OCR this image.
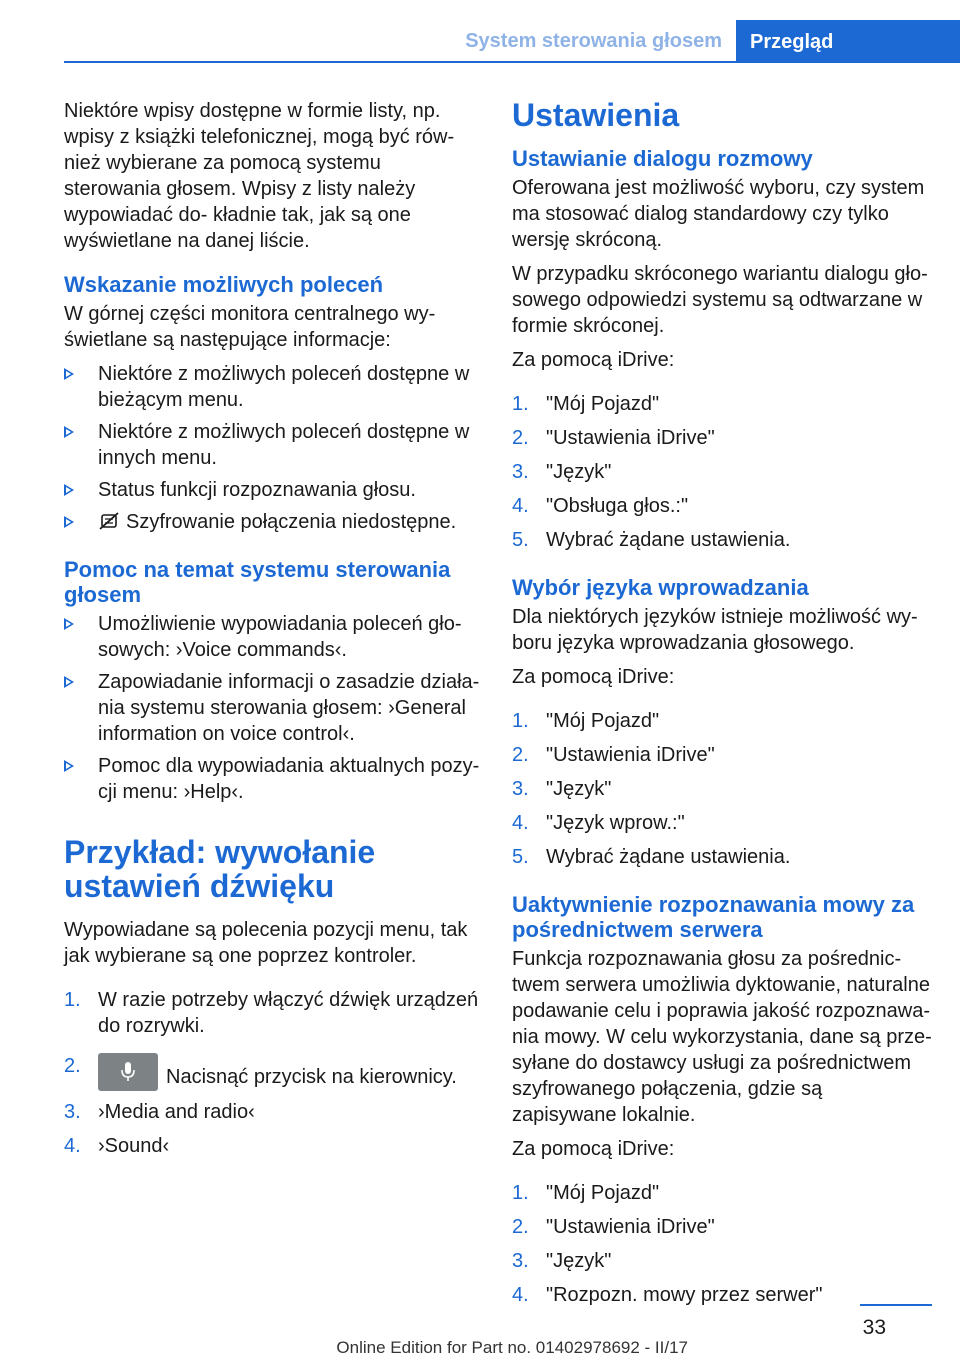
System sterowania głosem	Przegląd

Niektóre wpisy dostępne w formie listy, np. wpisy z książki telefonicznej, mogą być rów- nież wybierane za pomocą systemu sterowania głosem. Wpisy z listy należy wypowiadać do- kładnie tak, jak są one wyświetlane na danej liście.

Wskazanie możliwych poleceń

W górnej części monitora centralnego wy- świetlane są następujące informacje:

Niektóre z możliwych poleceń dostępne w bieżącym menu.
Niektóre z możliwych poleceń dostępne w innych menu.
Status funkcji rozpoznawania głosu.
Szyfrowanie połączenia niedostępne.
Pomoc na temat systemu sterowania głosem
Umożliwienie wypowiadania poleceń gło- sowych: ›Voice commands‹.
Zapowiadanie informacji o zasadzie działa- nia systemu sterowania głosem: ›General information on voice control‹.
Pomoc dla wypowiadania aktualnych pozy- cji menu: ›Help‹.
Przykład: wywołanie ustawień dźwięku

Wypowiadane są polecenia pozycji menu, tak jak wybierane są one poprzez kontroler.

1. W razie potrzeby włączyć dźwięk urządzeń do rozrywki.
2.	Nacisnąć przycisk na kierownicy.
3. ›Media and radio‹
4. ›Sound‹
Ustawienia
Ustawianie dialogu rozmowy

Oferowana jest możliwość wyboru, czy system ma stosować dialog standardowy czy tylko wersję skróconą.

W przypadku skróconego wariantu dialogu gło- sowego odpowiedzi systemu są odtwarzane w formie skróconej.

Za pomocą iDrive:

1. "Mój Pojazd"
2. "Ustawienia iDrive"
3. "Język"
4. "Obsługa głos.:"
5. Wybrać żądane ustawienia.
Wybór języka wprowadzania

Dla niektórych języków istnieje możliwość wy- boru języka wprowadzania głosowego.

Za pomocą iDrive:

1. "Mój Pojazd"
2. "Ustawienia iDrive"
3. "Język"
4. "Język wprow.:"
5. Wybrać żądane ustawienia.
Uaktywnienie rozpoznawania mowy za pośrednictwem serwera

Funkcja rozpoznawania głosu za pośrednic- twem serwera umożliwia dyktowanie, naturalne podawanie celu i poprawia jakość rozpoznawa- nia mowy. W celu wykorzystania, dane są prze- syłane do dostawcy usługi za pośrednictwem szyfrowanego połączenia, gdzie są zapisywane lokalnie.

Za pomocą iDrive:

1. "Mój Pojazd"
2. "Ustawienia iDrive"
3. "Język"
4. "Rozpozn. mowy przez serwer"
33
Online Edition for Part no. 01402978692 - II/17
